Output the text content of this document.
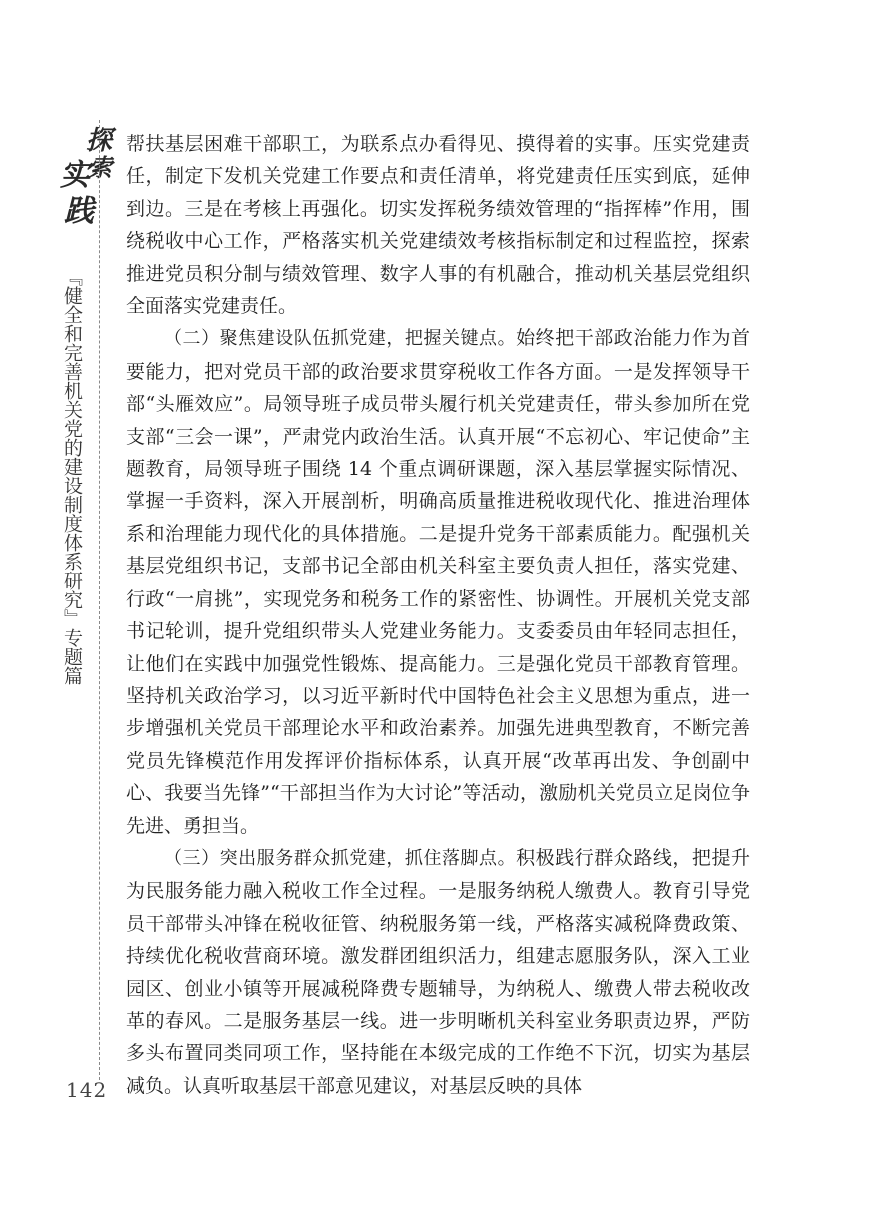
探
索
实
践
『健全和完善机关党的建设制度体系研究』专题篇
142

帮扶基层困难干部职工，为联系点办看得见、摸得着的实事。压实党建责任，制定下发机关党建工作要点和责任清单，将党建责任压实到底，延伸到边。三是在考核上再强化。切实发挥税务绩效管理的“指挥棒”作用，围绕税收中心工作，严格落实机关党建绩效考核指标制定和过程监控，探索推进党员积分制与绩效管理、数字人事的有机融合，推动机关基层党组织全面落实党建责任。

（二）聚焦建设队伍抓党建，把握关键点。始终把干部政治能力作为首要能力，把对党员干部的政治要求贯穿税收工作各方面。一是发挥领导干部“头雁效应”。局领导班子成员带头履行机关党建责任，带头参加所在党支部“三会一课”，严肃党内政治生活。认真开展“不忘初心、牢记使命”主题教育，局领导班子围绕 14 个重点调研课题，深入基层掌握实际情况、掌握一手资料，深入开展剖析，明确高质量推进税收现代化、推进治理体系和治理能力现代化的具体措施。二是提升党务干部素质能力。配强机关基层党组织书记，支部书记全部由机关科室主要负责人担任，落实党建、行政“一肩挑”，实现党务和税务工作的紧密性、协调性。开展机关党支部书记轮训，提升党组织带头人党建业务能力。支委委员由年轻同志担任，让他们在实践中加强党性锻炼、提高能力。三是强化党员干部教育管理。坚持机关政治学习，以习近平新时代中国特色社会主义思想为重点，进一步增强机关党员干部理论水平和政治素养。加强先进典型教育，不断完善党员先锋模范作用发挥评价指标体系，认真开展“改革再出发、争创副中心、我要当先锋”“干部担当作为大讨论”等活动，激励机关党员立足岗位争先进、勇担当。

（三）突出服务群众抓党建，抓住落脚点。积极践行群众路线，把提升为民服务能力融入税收工作全过程。一是服务纳税人缴费人。教育引导党员干部带头冲锋在税收征管、纳税服务第一线，严格落实减税降费政策、持续优化税收营商环境。激发群团组织活力，组建志愿服务队，深入工业园区、创业小镇等开展减税降费专题辅导，为纳税人、缴费人带去税收改革的春风。二是服务基层一线。进一步明晰机关科室业务职责边界，严防多头布置同类同项工作，坚持能在本级完成的工作绝不下沉，切实为基层减负。认真听取基层干部意见建议，对基层反映的具体
